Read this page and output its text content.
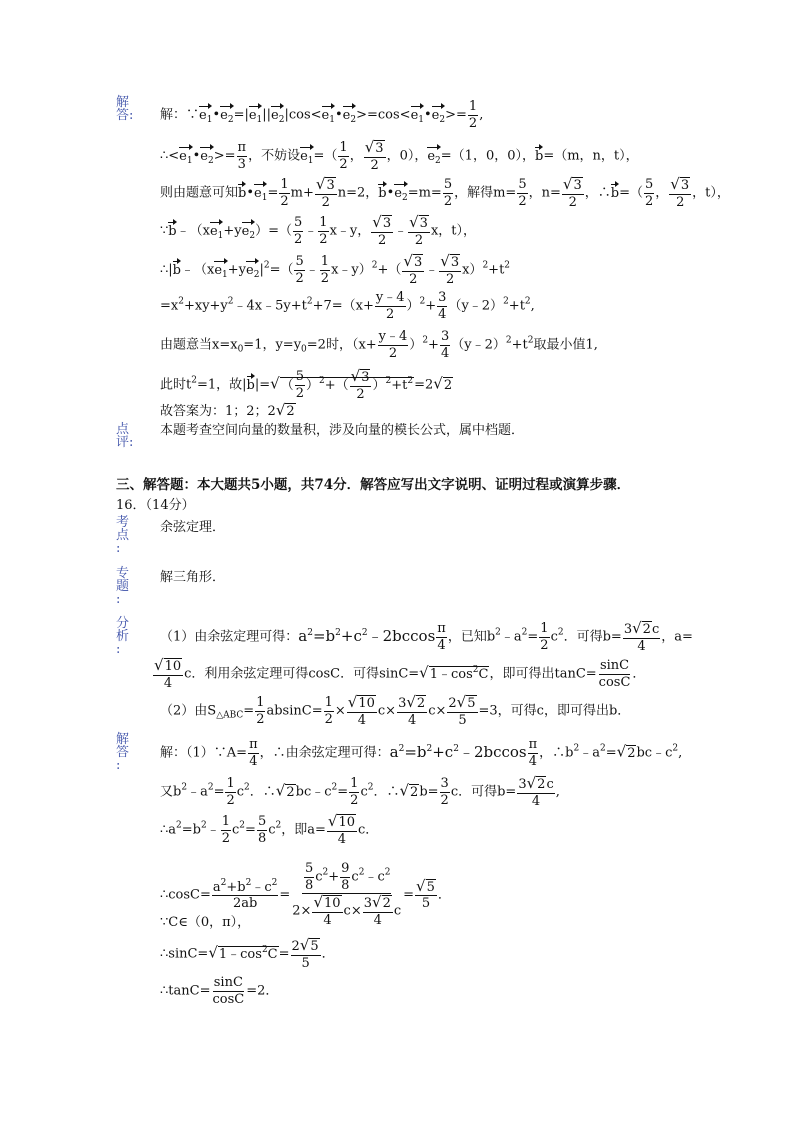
解
答:
点
评:
考
点
:
专
题
:
分
析
:
解
答
:
解：$\because e_1•e_2=|e_1||e_2|\cos<e_1•e_2>=\cos<e_1•e_2>= \frac{1}{2}$ ,
$\therefore<e_1•e_2>= \frac{\pi}{3}$ ，不妨设$e_1=( \frac{1}{2}$ ， $\frac{√3}{2}$ ，0），$e_2=(1$，0，0），b=（m，n，t），
则由题意可知$b•e_1= \frac{1}{2} m+ \frac{√3}{2} n=2$，$b•e_2=m= \frac{5}{2}$ ，解得$m= \frac{5}{2}$ ，$n= \frac{√3}{2}$ ，∴b=（ $\frac{5}{2}$ ， $\frac{√3}{2}$ ，t），
$\because b﹣(xe_1+ye_2)=( \frac{5}{2}$ ﹣ $\frac{1}{2}$ x﹣y， $\frac{√3}{2}$ ﹣ $\frac{√3}{2}$ x，t），
$\therefore|b﹣(xe_1+ye_2|^2=( \frac{5}{2}$ ﹣ $\frac{1}{2}$ x﹣y）$^2$+（ $\frac{√3}{2}$ ﹣ $\frac{√3}{2} x)^2+t^2$
$=x^2+xy+y^2﹣4x﹣5y+t^2+7=(x+ \frac{y﹣4}{2} )^2+ \frac{3}{4}$ $(y﹣2)^2+t^2$,
由题意当$x=x_0=1$，$y=y_0=2$时，$(x+ \frac{y﹣4}{2} )^2+ \frac{3}{4}$ $(y﹣2)^2+t^2$取最小值1,
此时$t^2=1$，故$|b|=√( \frac{5}{2} )^2+( \frac{√3}{2} )^2+t^2=2√2$
故答案为：1；2；2√2
本题考查空间向量的数量积，涉及向量的模长公式，属中档题．
三、解答题：本大题共5小题，共74分．解答应写出文字说明、证明过程或演算步骤．
16．（14分）
余弦定理．
解三角形．
（1）由余弦定理可得：$a^2=b^2+c^2﹣2bccos \frac{\pi}{4}$ ，已知$b^2﹣a^2= \frac{1}{2} c^2$．可得$b= \frac{3√2c}{4}$ ，a=
$\frac{√10}{4}$ c．利用余弦定理可得cosC．可得$\sin C=√1﹣\cos^2C$，即可得出$\tan C= \frac{\sin C}{\cos C}$ ．
（2）由$S_{\triangle ABC}= \frac{1}{2} absinC= \frac{1}{2} \times \frac{√10}{4} c\times \frac{3√2}{4} c\times \frac{2√5}{5} =3$，可得c，即可得出b．
解：（1）∵A= $\frac{\pi}{4}$ ，∴由余弦定理可得：$a^2=b^2+c^2﹣2bccos \frac{\pi}{4}$ ，$\therefore b^2﹣a^2=√2bc﹣c^2$,
又$b^2﹣a^2= \frac{1}{2} c^2$．$\therefore√2bc﹣c^2= \frac{1}{2} c^2$．∴√2b= $\frac{3}{2}$ c．可得$b= \frac{3√2c}{4}$ ,
$\therefore a^2=b^2﹣ \frac{1}{2} c^2= \frac{5}{8} c^2$，即$a= \frac{√10}{4}$ c．
∴cosC= $\frac{a^2+b^2﹣c^2}{2ab} = \frac{\frac{5}{8} c^2+ \frac{9}{8} c^2﹣c^2}{2\times \frac{√10}{4} c\times \frac{3√2}{4} c} = \frac{√5}{5}$ ．
∵C∈（0，π），
$\therefore\sin C=√1﹣\cos^2C= \frac{2√5}{5}$ ．
∴tanC= $\frac{\sin C}{\cos C} =2$．
